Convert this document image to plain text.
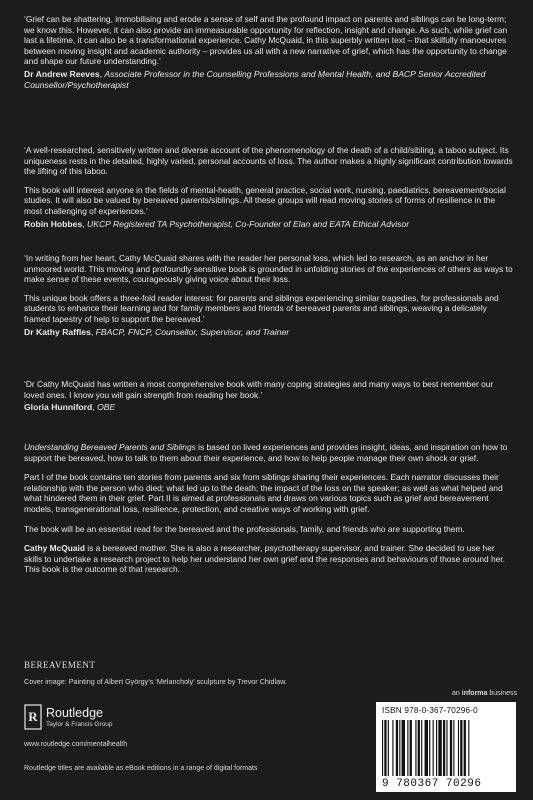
‘Grief can be shattering, immobilising and erode a sense of self and the profound impact on parents and siblings can be long-term; we know this. However, it can also provide an immeasurable opportunity for reflection, insight and change. As such, while grief can last a lifetime, it can also be a transformational experience. Cathy McQuaid, in this superbly written text – that skilfully manoeuvres between moving insight and academic authority – provides us all with a new narrative of grief, which has the opportunity to change and shape our future understanding.’

Dr Andrew Reeves, Associate Professor in the Counselling Professions and Mental Health, and BACP Senior Accredited Counsellor/Psychotherapist

‘A well-researched, sensitively written and diverse account of the phenomenology of the death of a child/sibling, a taboo subject. Its uniqueness rests in the detailed, highly varied, personal accounts of loss. The author makes a highly significant contribution towards the lifting of this taboo.

This book will interest anyone in the fields of mental-health, general practice, social work, nursing, paediatrics, bereavement/social studies. It will also be valued by bereaved parents/siblings. All these groups will read moving stories of forms of resilience in the most challenging of experiences.’

Robin Hobbes, UKCP Registered TA Psychotherapist, Co-Founder of Elan and EATA Ethical Advisor

‘In writing from her heart, Cathy McQuaid shares with the reader her personal loss, which led to research, as an anchor in her unmoored world. This moving and profoundly sensitive book is grounded in unfolding stories of the experiences of others as ways to make sense of these events, courageously giving voice about their loss.

This unique book offers a three-fold reader interest: for parents and siblings experiencing similar tragedies, for professionals and students to enhance their learning and for family members and friends of bereaved parents and siblings, weaving a delicately framed tapestry of help to support the bereaved.’

Dr Kathy Raffles, FBACP, FNCP, Counsellor, Supervisor, and Trainer

‘Dr Cathy McQuaid has written a most comprehensive book with many coping strategies and many ways to best remember our loved ones. I know you will gain strength from reading her book.’

Gloria Hunniford, OBE

Understanding Bereaved Parents and Siblings is based on lived experiences and provides insight, ideas, and inspiration on how to support the bereaved, how to talk to them about their experience, and how to help people manage their own shock or grief.

Part I of the book contains ten stories from parents and six from siblings sharing their experiences. Each narrator discusses their relationship with the person who died; what led up to the death; the impact of the loss on the speaker; as well as what helped and what hindered them in their grief. Part II is aimed at professionals and draws on various topics such as grief and bereavement models, transgenerational loss, resilience, protection, and creative ways of working with grief.

The book will be an essential read for the bereaved and the professionals, family, and friends who are supporting them.

Cathy McQuaid is a bereaved mother. She is also a researcher, psychotherapy supervisor, and trainer. She decided to use her skills to undertake a research project to help her understand her own grief and the responses and behaviours of those around her. This book is the outcome of that research.

BEREAVEMENT
Cover image: Painting of Albert György’s ‘Melancholy’ sculpture by Trevor Chidlaw.
R Routledge
Taylor & Francis Group
www.routledge.com/mentalhealth
Routledge titles are available as eBook editions in a range of digital formats
an informa business
ISBN 978-0-367-70296-0
9 780367 70296
